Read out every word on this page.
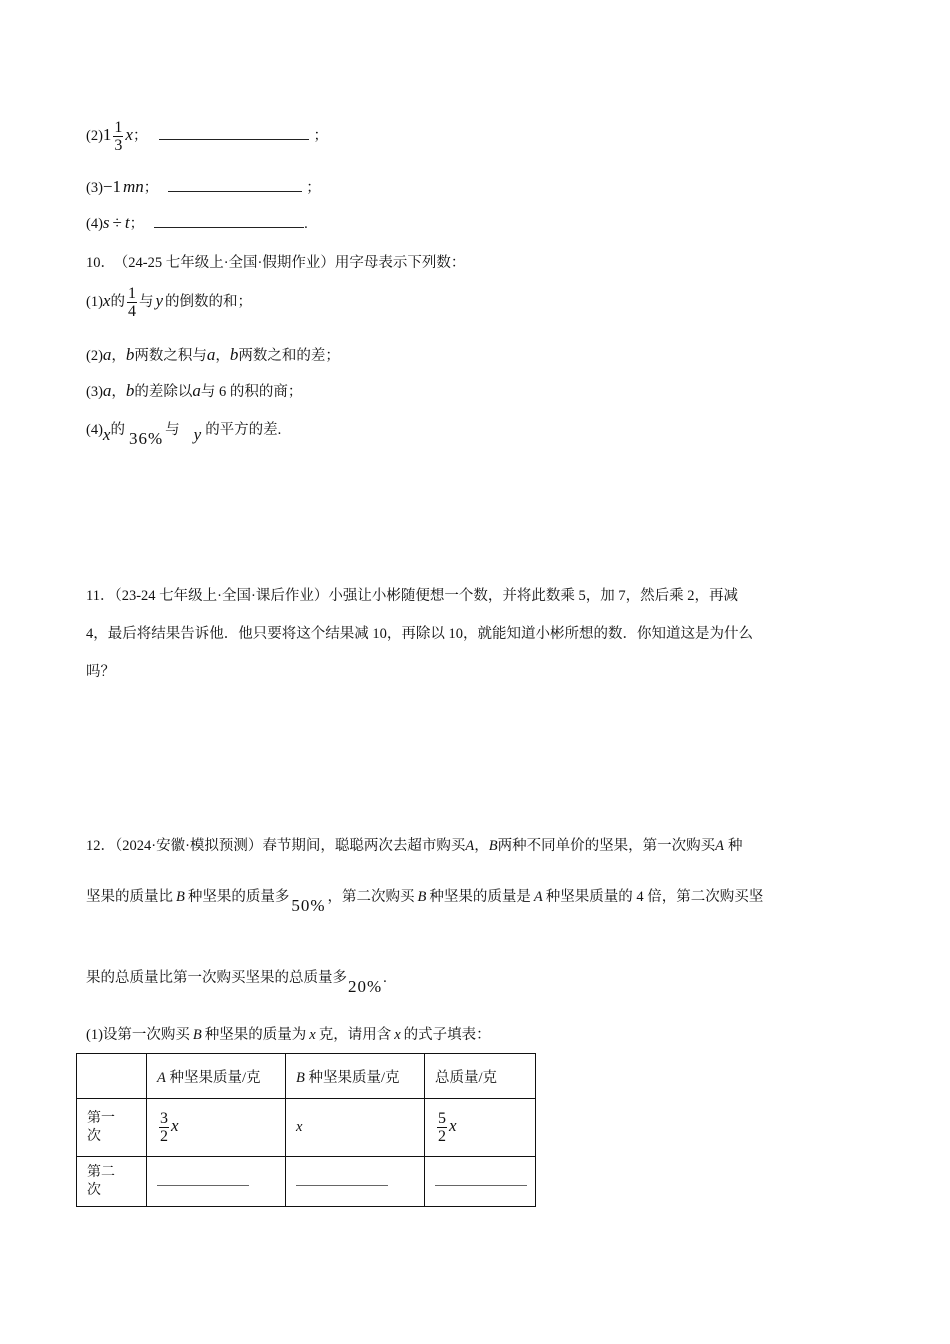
$(2)1 \frac{1}{3}$ x；	；
(3)−1 mn；	；
(4)s ÷ t；	.
10． （24-25 七年级上·全国·假期作业）用字母表示下列数：
(1)x的 $\frac{1}{4}$ 与 y 的倒数的和；
(2)a，b两数之积与a，b两数之和的差；
(3)a，b的差除以a与 6 的积的商；
(4)x的 36% 与 y 的平方的差.
11．（23-24 七年级上·全国·课后作业）小强让小彬随便想一个数，并将此数乘 5，加 7，然后乘 2，再减
4，最后将结果告诉他．他只要将这个结果减 10，再除以 10，就能知道小彬所想的数．你知道这是为什么
吗？
12．（2024·安徽·模拟预测）春节期间，聪聪两次去超市购买A，B两种不同单价的坚果，第一次购买A 种
坚果的质量比 B 种坚果的质量多 50% ，第二次购买 B 种坚果的质量是 A 种坚果质量的 4 倍，第二次购买坚
果的总质量比第一次购买坚果的总质量多20%.
(1)设第一次购买 B 种坚果的质量为 x 克，请用含 x 的式子填表：
	A 种坚果质量/克	B 种坚果质量/克	总质量/克

第一
次	$\frac{3}{2}$ x	x	$\frac{5}{2}$ x

第二
次			
